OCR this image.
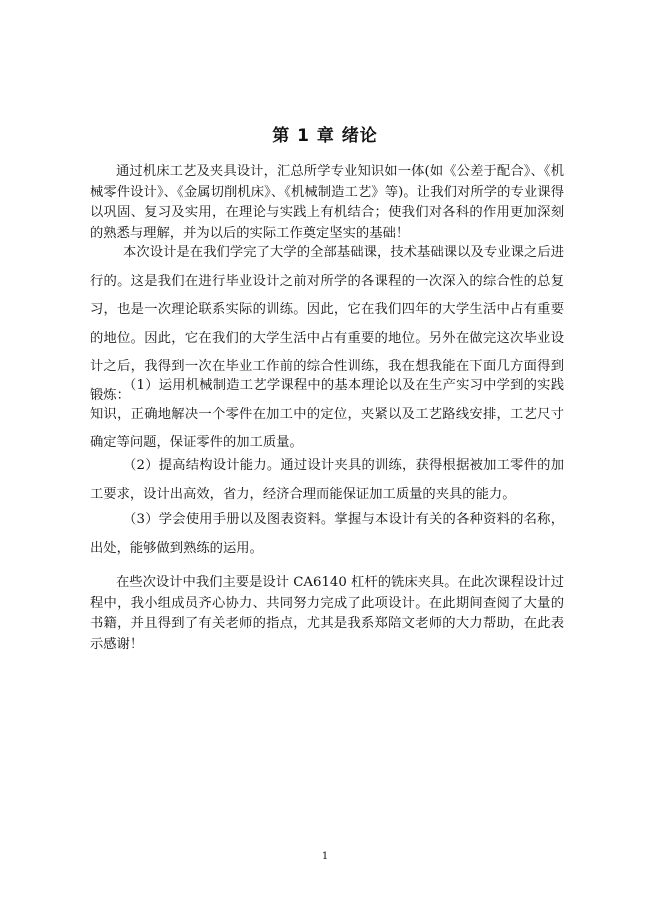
第 1 章 绪论

通过机床工艺及夹具设计，汇总所学专业知识如一体(如《公差于配合》、《机械零件设计》、《金属切削机床》、《机械制造工艺》等)。让我们对所学的专业课得以巩固、复习及实用，在理论与实践上有机结合；使我们对各科的作用更加深刻的熟悉与理解，并为以后的实际工作奠定坚实的基础！

本次设计是在我们学完了大学的全部基础课，技术基础课以及专业课之后进行的。这是我们在进行毕业设计之前对所学的各课程的一次深入的综合性的总复习，也是一次理论联系实际的训练。因此，它在我们四年的大学生活中占有重要的地位。因此，它在我们的大学生活中占有重要的地位。另外在做完这次毕业设计之后，我得到一次在毕业工作前的综合性训练，我在想我能在下面几方面得到锻炼：

（1）运用机械制造工艺学课程中的基本理论以及在生产实习中学到的实践知识，正确地解决一个零件在加工中的定位，夹紧以及工艺路线安排，工艺尺寸确定等问题，保证零件的加工质量。

（2）提高结构设计能力。通过设计夹具的训练，获得根据被加工零件的加工要求，设计出高效，省力，经济合理而能保证加工质量的夹具的能力。

（3）学会使用手册以及图表资料。掌握与本设计有关的各种资料的名称，出处，能够做到熟练的运用。

在些次设计中我们主要是设计 CA6140 杠杆的铣床夹具。在此次课程设计过程中，我小组成员齐心协力、共同努力完成了此项设计。在此期间查阅了大量的书籍，并且得到了有关老师的指点，尤其是我系郑陪文老师的大力帮助，在此表示感谢！

1
